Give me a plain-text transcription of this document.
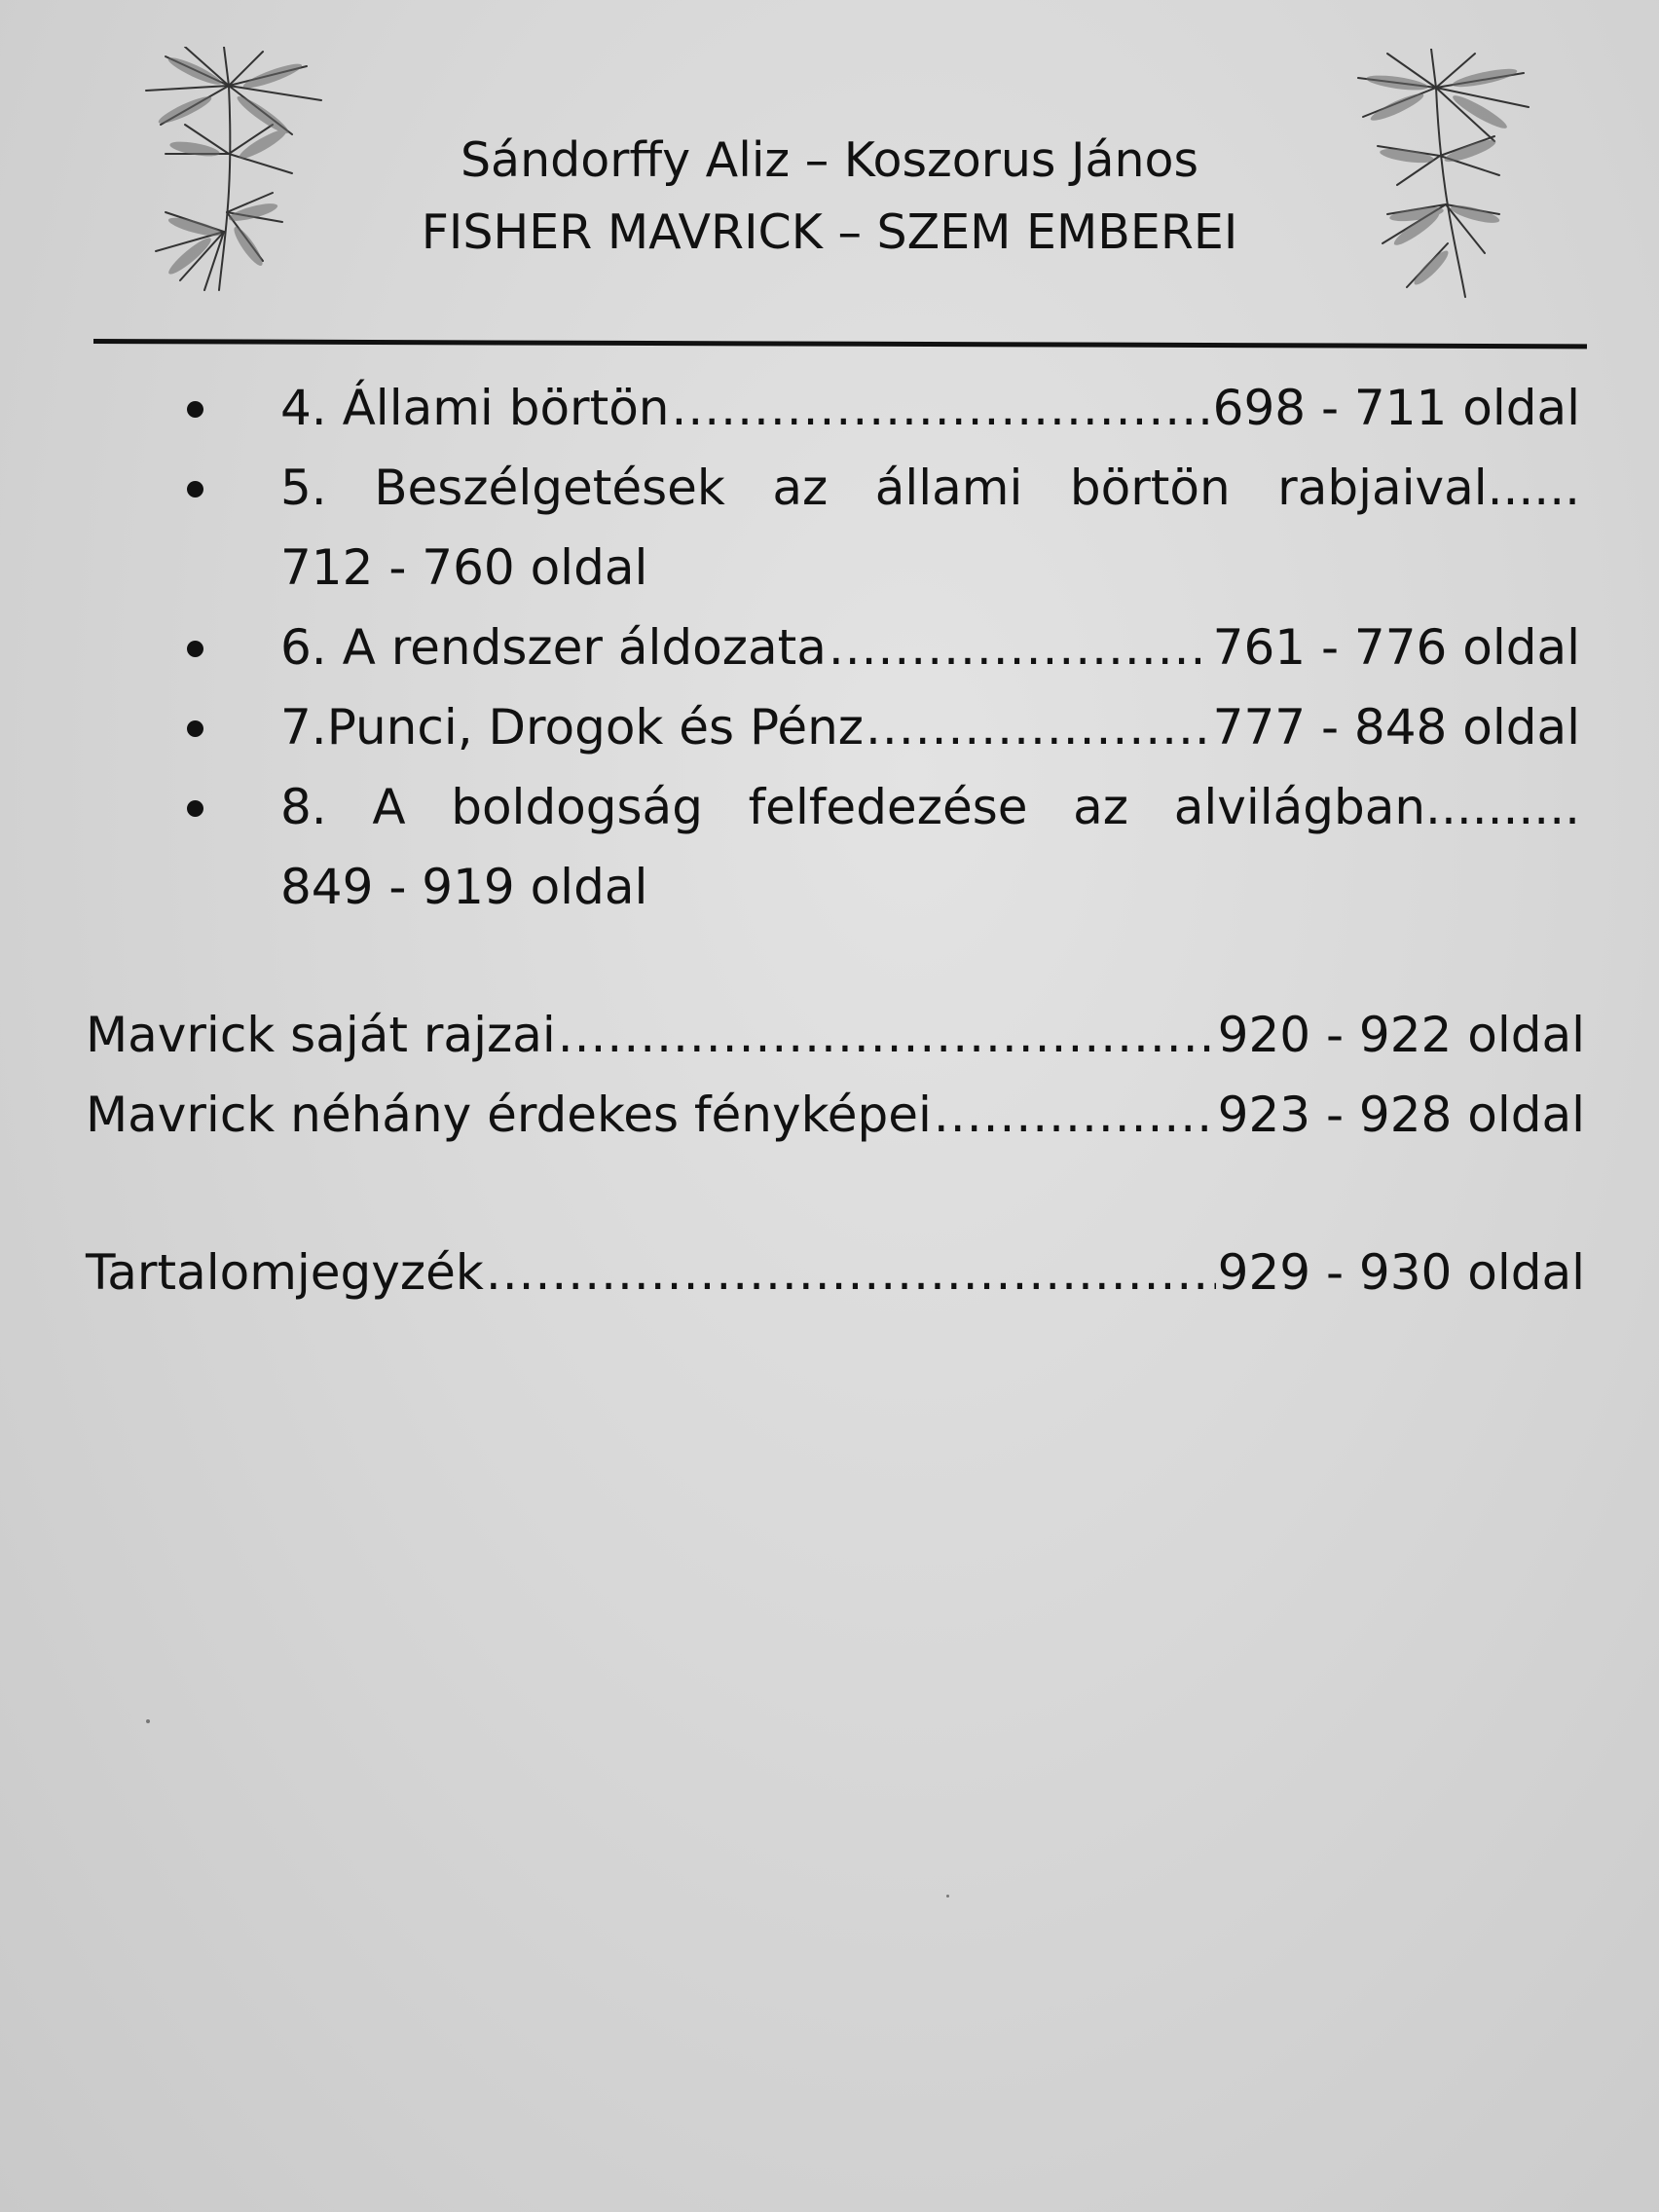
Sándorffy Aliz – Koszorus János
FISHER MAVRICK – SZEM EMBEREI
4. Állami börtön .....	698 - 711 oldal
5. Beszélgetések az állami börtön rabjaival......
712 - 760 oldal
6. A rendszer áldozata .....	761 - 776 oldal
7.Punci, Drogok és Pénz .....	777 - 848 oldal
8. A boldogság felfedezése az alvilágban..........
849 - 919 oldal
Mavrick saját rajzai .....	920 - 922 oldal
Mavrick néhány érdekes fényképei .....	923 - 928 oldal
Tartalomjegyzék .....	929 - 930 oldal
